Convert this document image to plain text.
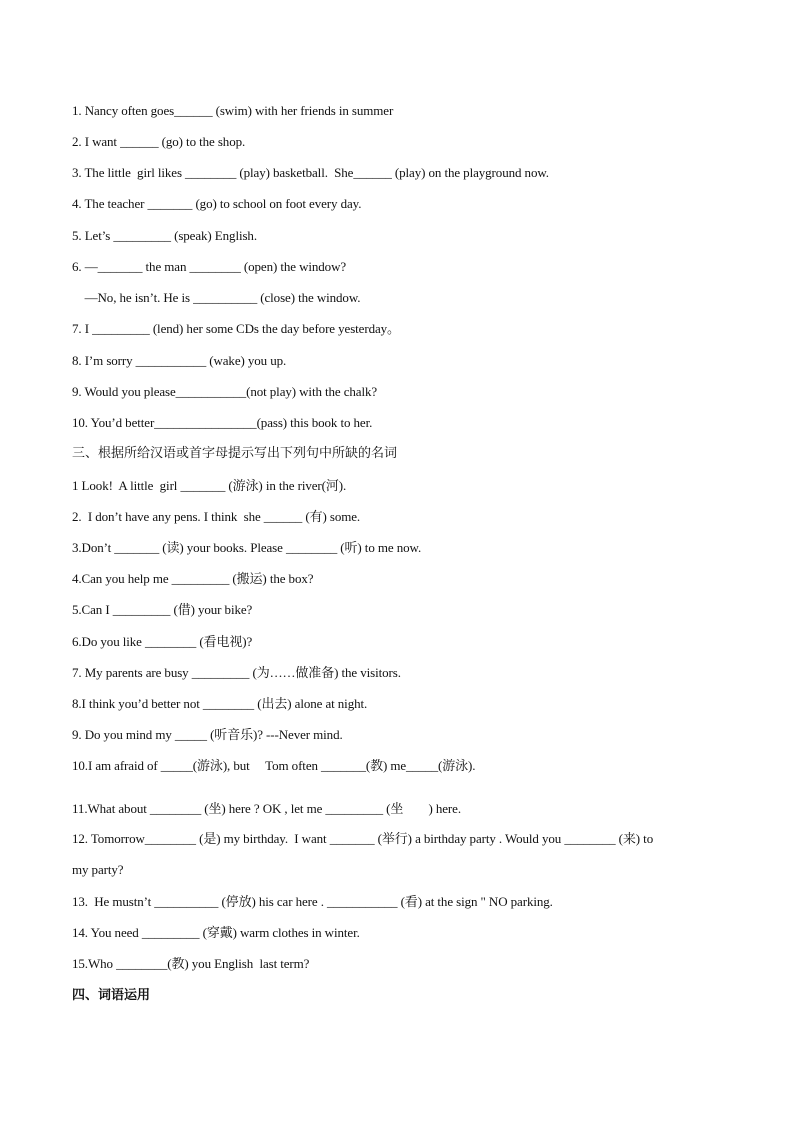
1. Nancy often goes______ (swim) with her friends in summer
2. I want ______ (go) to the shop.
3. The little  girl likes ________ (play) basketball.  She______ (play) on the playground now.
4. The teacher _______ (go) to school on foot every day.
5. Let’s _________ (speak) English.
6. —_______ the man ________ (open) the window?
—No, he isn’t. He is __________ (close) the window.
7. I _________ (lend) her some CDs the day before yesterday。
8. I’m sorry ___________ (wake) you up.
9. Would you please___________(not play) with the chalk?
10. You’d better________________(pass) this book to her.
三、根据所给汉语或首字母提示写出下列句中所缺的名词
1 Look!  A little  girl _______ (游泳) in the river(河).
2.  I don’t have any pens. I think  she ______ (有) some.
3.Don’t _______ (读) your books. Please ________ (听) to me now.
4.Can you help me _________ (搬运) the box?
5.Can I _________ (借) your bike?
6.Do you like ________ (看电视)?
7. My parents are busy _________ (为……做准备) the visitors.
8.I think you’d better not ________ (出去) alone at night.
9. Do you mind my _____ (听音乐)? ---Never mind.
10.I am afraid of _____(游泳), but     Tom often _______(教) me_____(游泳).
11.What about ________ (坐) here ? OK , let me _________ (坐        ) here.
12. Tomorrow________ (是) my birthday.  I want _______ (举行) a birthday party . Would you ________ (来) to
my party?
13.  He mustn’t __________ (停放) his car here . ___________ (看) at the sign " NO parking.
14. You need _________ (穿戴) warm clothes in winter.
15.Who ________(教) you English  last term?
四、词语运用
